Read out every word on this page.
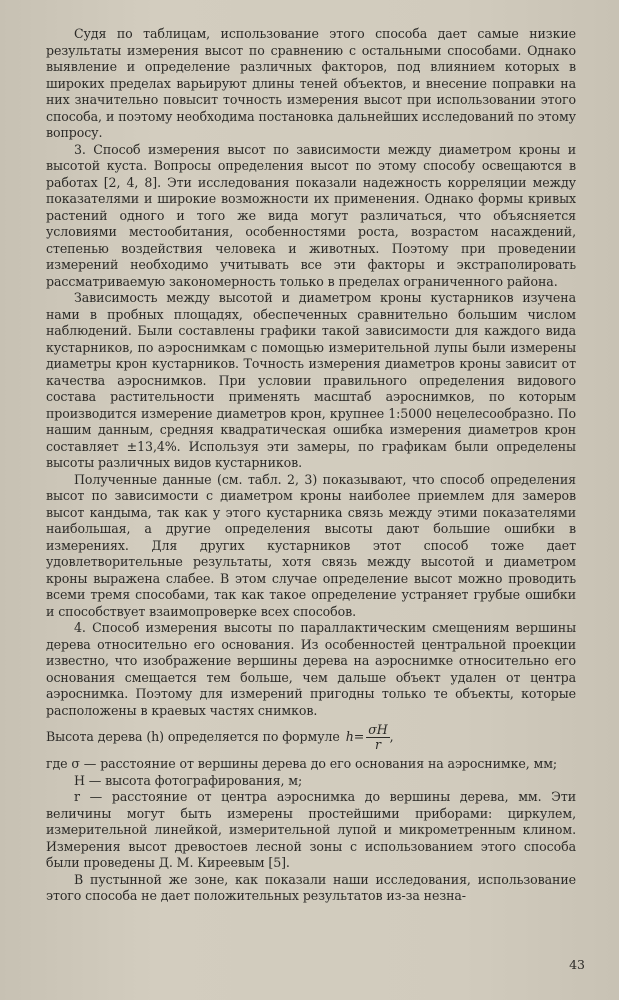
Судя по таблицам, использование этого способа дает самые низкие результаты измерения высот по сравнению с остальными способами. Однако выявление и определение различных факторов, под влиянием которых в широких пределах варьируют длины теней объектов, и внесение поправки на них значительно повысит точность измерения высот при использовании этого способа, и поэтому необходима постановка дальнейших исследований по этому вопросу.

3. Способ измерения высот по зависимости между диаметром кроны и высотой куста. Вопросы определения высот по этому способу освещаются в работах [2, 4, 8]. Эти исследования показали надежность корреляции между показателями и широкие возможности их применения. Однако формы кривых растений одного и того же вида могут различаться, что объясняется условиями местообитания, особенностями роста, возрастом насаждений, степенью воздействия человека и животных. Поэтому при проведении измерений необходимо учитывать все эти факторы и экстраполировать рассматриваемую закономерность только в пределах ограниченного района.

Зависимость между высотой и диаметром кроны кустарников изучена нами в пробных площадях, обеспеченных сравнительно большим числом наблюдений. Были составлены графики такой зависимости для каждого вида кустарников, по аэроснимкам с помощью измерительной лупы были измерены диаметры крон кустарников. Точность измерения диаметров кроны зависит от качества аэроснимков. При условии правильного определения видового состава растительности применять масштаб аэроснимков, по которым производится измерение диаметров крон, крупнее 1:5000 нецелесообразно. По нашим данным, средняя квадратическая ошибка измерения диаметров крон составляет ±13,4%. Используя эти замеры, по графикам были определены высоты различных видов кустарников.

Полученные данные (см. табл. 2, 3) показывают, что способ определения высот по зависимости с диаметром кроны наиболее приемлем для замеров высот кандыма, так как у этого кустарника связь между этими показателями наибольшая, а другие определения высоты дают большие ошибки в измерениях. Для других кустарников этот способ тоже дает удовлетворительные результаты, хотя связь между высотой и диаметром кроны выражена слабее. В этом случае определение высот можно проводить всеми тремя способами, так как такое определение устраняет грубые ошибки и способствует взаимопроверке всех способов.

4. Способ измерения высоты по параллактическим смещениям вершины дерева относительно его основания. Из особенностей центральной проекции известно, что изображение вершины дерева на аэроснимке относительно его основания смещается тем больше, чем дальше объект удален от центра аэроснимка. Поэтому для измерений пригодны только те объекты, которые расположены в краевых частях снимков.

Высота дерева (h) определяется по формуле $h= \frac{\sigma H}{r}$ ,

где σ — расстояние от вершины дерева до его основания на аэроснимке, мм;

H — высота фотографирования, м;

r — расстояние от центра аэроснимка до вершины дерева, мм. Эти величины могут быть измерены простейшими приборами: циркулем, измерительной линейкой, измерительной лупой и микрометренным клином. Измерения высот древостоев лесной зоны с использованием этого способа были проведены Д. М. Киреевым [5].

В пустынной же зоне, как показали наши исследования, использование этого способа не дает положительных результатов из-за незна-

43
